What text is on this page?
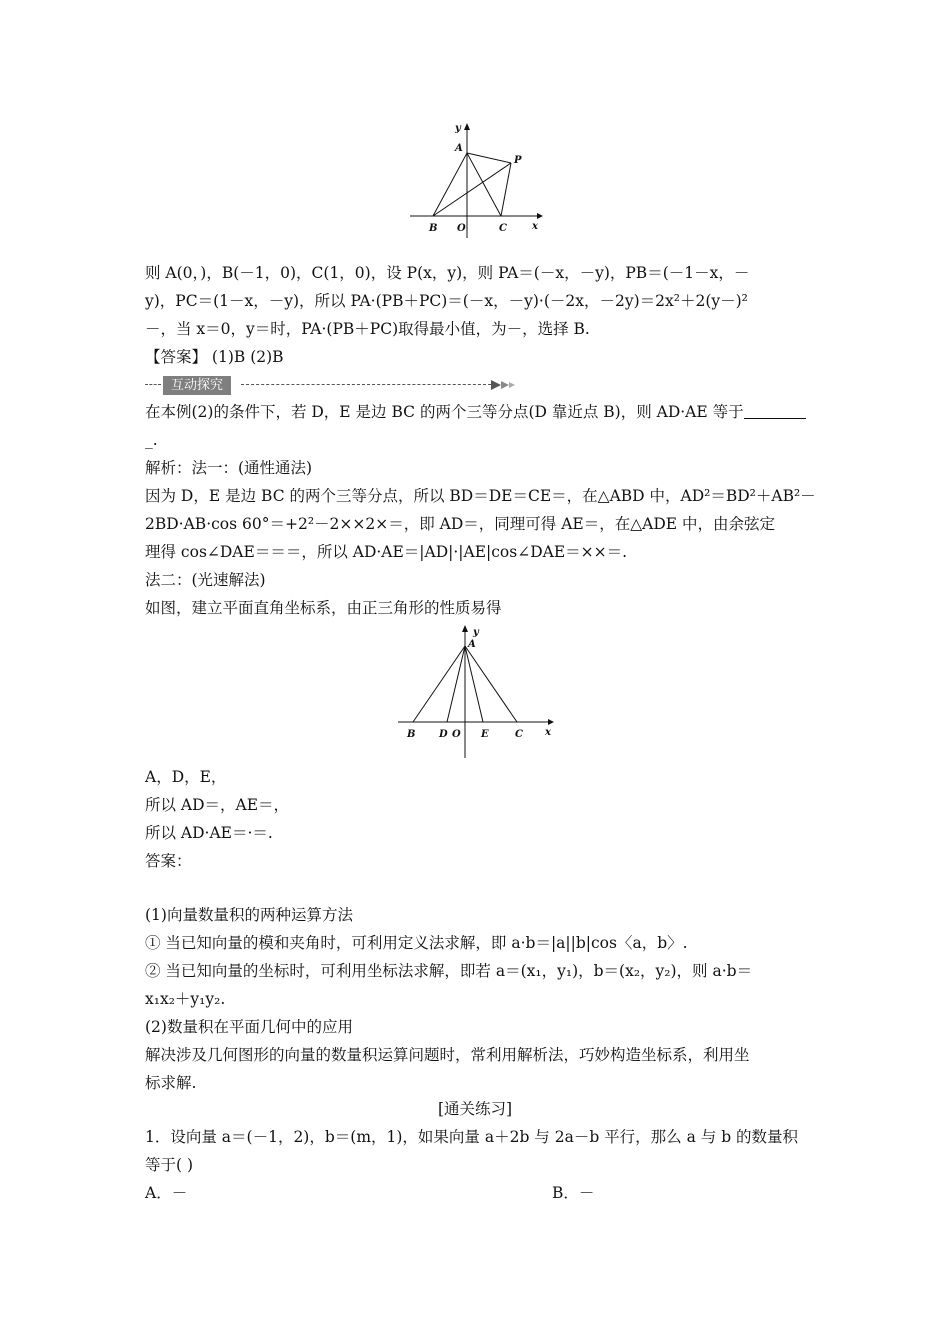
y
A
P
B O	C	x
则 A(0，)，B(－1，0)，C(1，0)，设 P(x，y)，则 PA＝(－x，－y)，PB＝(－1－x，－
y)，PC＝(1－x，－y)，所以 PA·(PB＋PC)＝(－x，－y)·(－2x，－2y)＝2x²＋2(y－)²
－，当 x＝0，y＝时，PA·(PB＋PC)取得最小值，为－，选择 B.
【答案】 (1)B (2)B
互动探究
在本例(2)的条件下，若 D，E 是边 BC 的两个三等分点(D 靠近点 B)，则 AD·AE 等于
_.
解析：法一：(通性通法)
因为 D，E 是边 BC 的两个三等分点，所以 BD＝DE＝CE＝，在△ABD 中，AD²＝BD²＋AB²－
2BD·AB·cos 60°＝+2²－2××2×＝，即 AD＝，同理可得 AE＝，在△ADE 中，由余弦定
理得 cos∠DAE＝＝＝，所以 AD·AE＝|AD|·|AE|cos∠DAE＝××＝.
法二：(光速解法)
如图，建立平面直角坐标系，由正三角形的性质易得
y
A
B D O E	C x
A，D，E，
所以 AD＝，AE＝，
所以 AD·AE＝·＝.
答案：
(1)向量数量积的两种运算方法
① 当已知向量的模和夹角时，可利用定义法求解，即 a·b＝|a||b|cos〈a，b〉.
② 当已知向量的坐标时，可利用坐标法求解，即若 a＝(x₁，y₁)，b＝(x₂，y₂)，则 a·b＝
x₁x₂＋y₁y₂.
(2)数量积在平面几何中的应用
解决涉及几何图形的向量的数量积运算问题时，常利用解析法，巧妙构造坐标系，利用坐
标求解.
[通关练习]
1．设向量 a＝(－1，2)，b＝(m，1)，如果向量 a＋2b 与 2a－b 平行，那么 a 与 b 的数量积
等于( )
A．－	B．－
